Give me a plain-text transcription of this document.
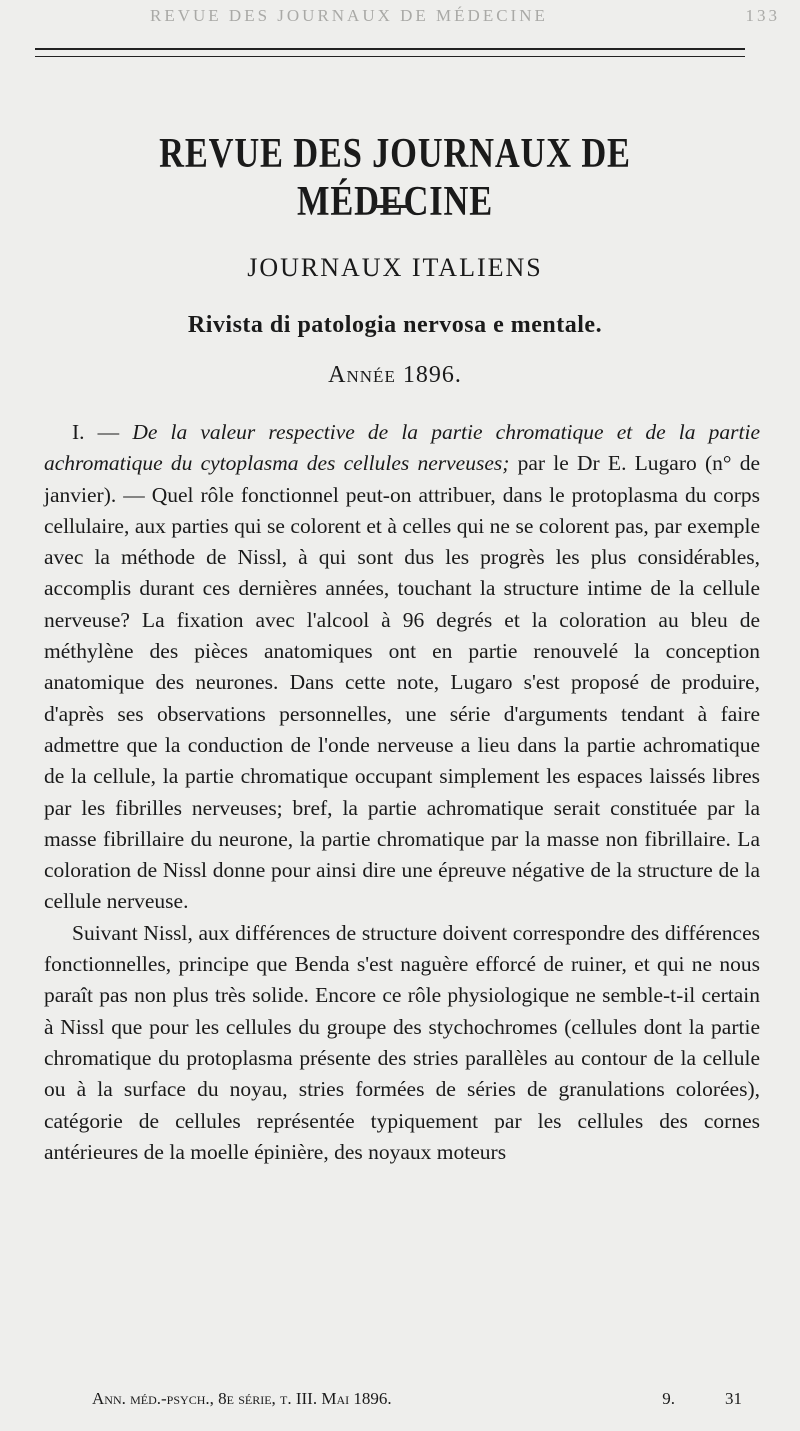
REVUE DES JOURNAUX DE MÉDECINE	133
REVUE DES JOURNAUX DE MÉDECINE
JOURNAUX ITALIENS
Rivista di patologia nervosa e mentale.
Année 1896.

I. — De la valeur respective de la partie chromatique et de la partie achromatique du cytoplasma des cellules nerveuses; par le Dr E. Lugaro (n° de janvier). — Quel rôle fonctionnel peut-on attribuer, dans le protoplasma du corps cellulaire, aux parties qui se colorent et à celles qui ne se colorent pas, par exemple avec la méthode de Nissl, à qui sont dus les progrès les plus considérables, accomplis durant ces dernières années, touchant la structure intime de la cellule nerveuse? La fixation avec l'alcool à 96 degrés et la coloration au bleu de méthylène des pièces anatomiques ont en partie renouvelé la conception anatomique des neurones. Dans cette note, Lugaro s'est proposé de produire, d'après ses observations personnelles, une série d'arguments tendant à faire admettre que la conduction de l'onde nerveuse a lieu dans la partie achromatique de la cellule, la partie chromatique occupant simplement les espaces laissés libres par les fibrilles nerveuses; bref, la partie achromatique serait constituée par la masse fibrillaire du neurone, la partie chromatique par la masse non fibrillaire. La coloration de Nissl donne pour ainsi dire une épreuve négative de la structure de la cellule nerveuse.

Suivant Nissl, aux différences de structure doivent correspondre des différences fonctionnelles, principe que Benda s'est naguère efforcé de ruiner, et qui ne nous paraît pas non plus très solide. Encore ce rôle physiologique ne semble-t-il certain à Nissl que pour les cellules du groupe des stychochromes (cellules dont la partie chromatique du protoplasma présente des stries parallèles au contour de la cellule ou à la surface du noyau, stries formées de séries de granulations colorées), catégorie de cellules représentée typiquement par les cellules des cornes antérieures de la moelle épinière, des noyaux moteurs

Ann. méd.-psych., 8e série, t. III. Mai 1896.	9.	31
